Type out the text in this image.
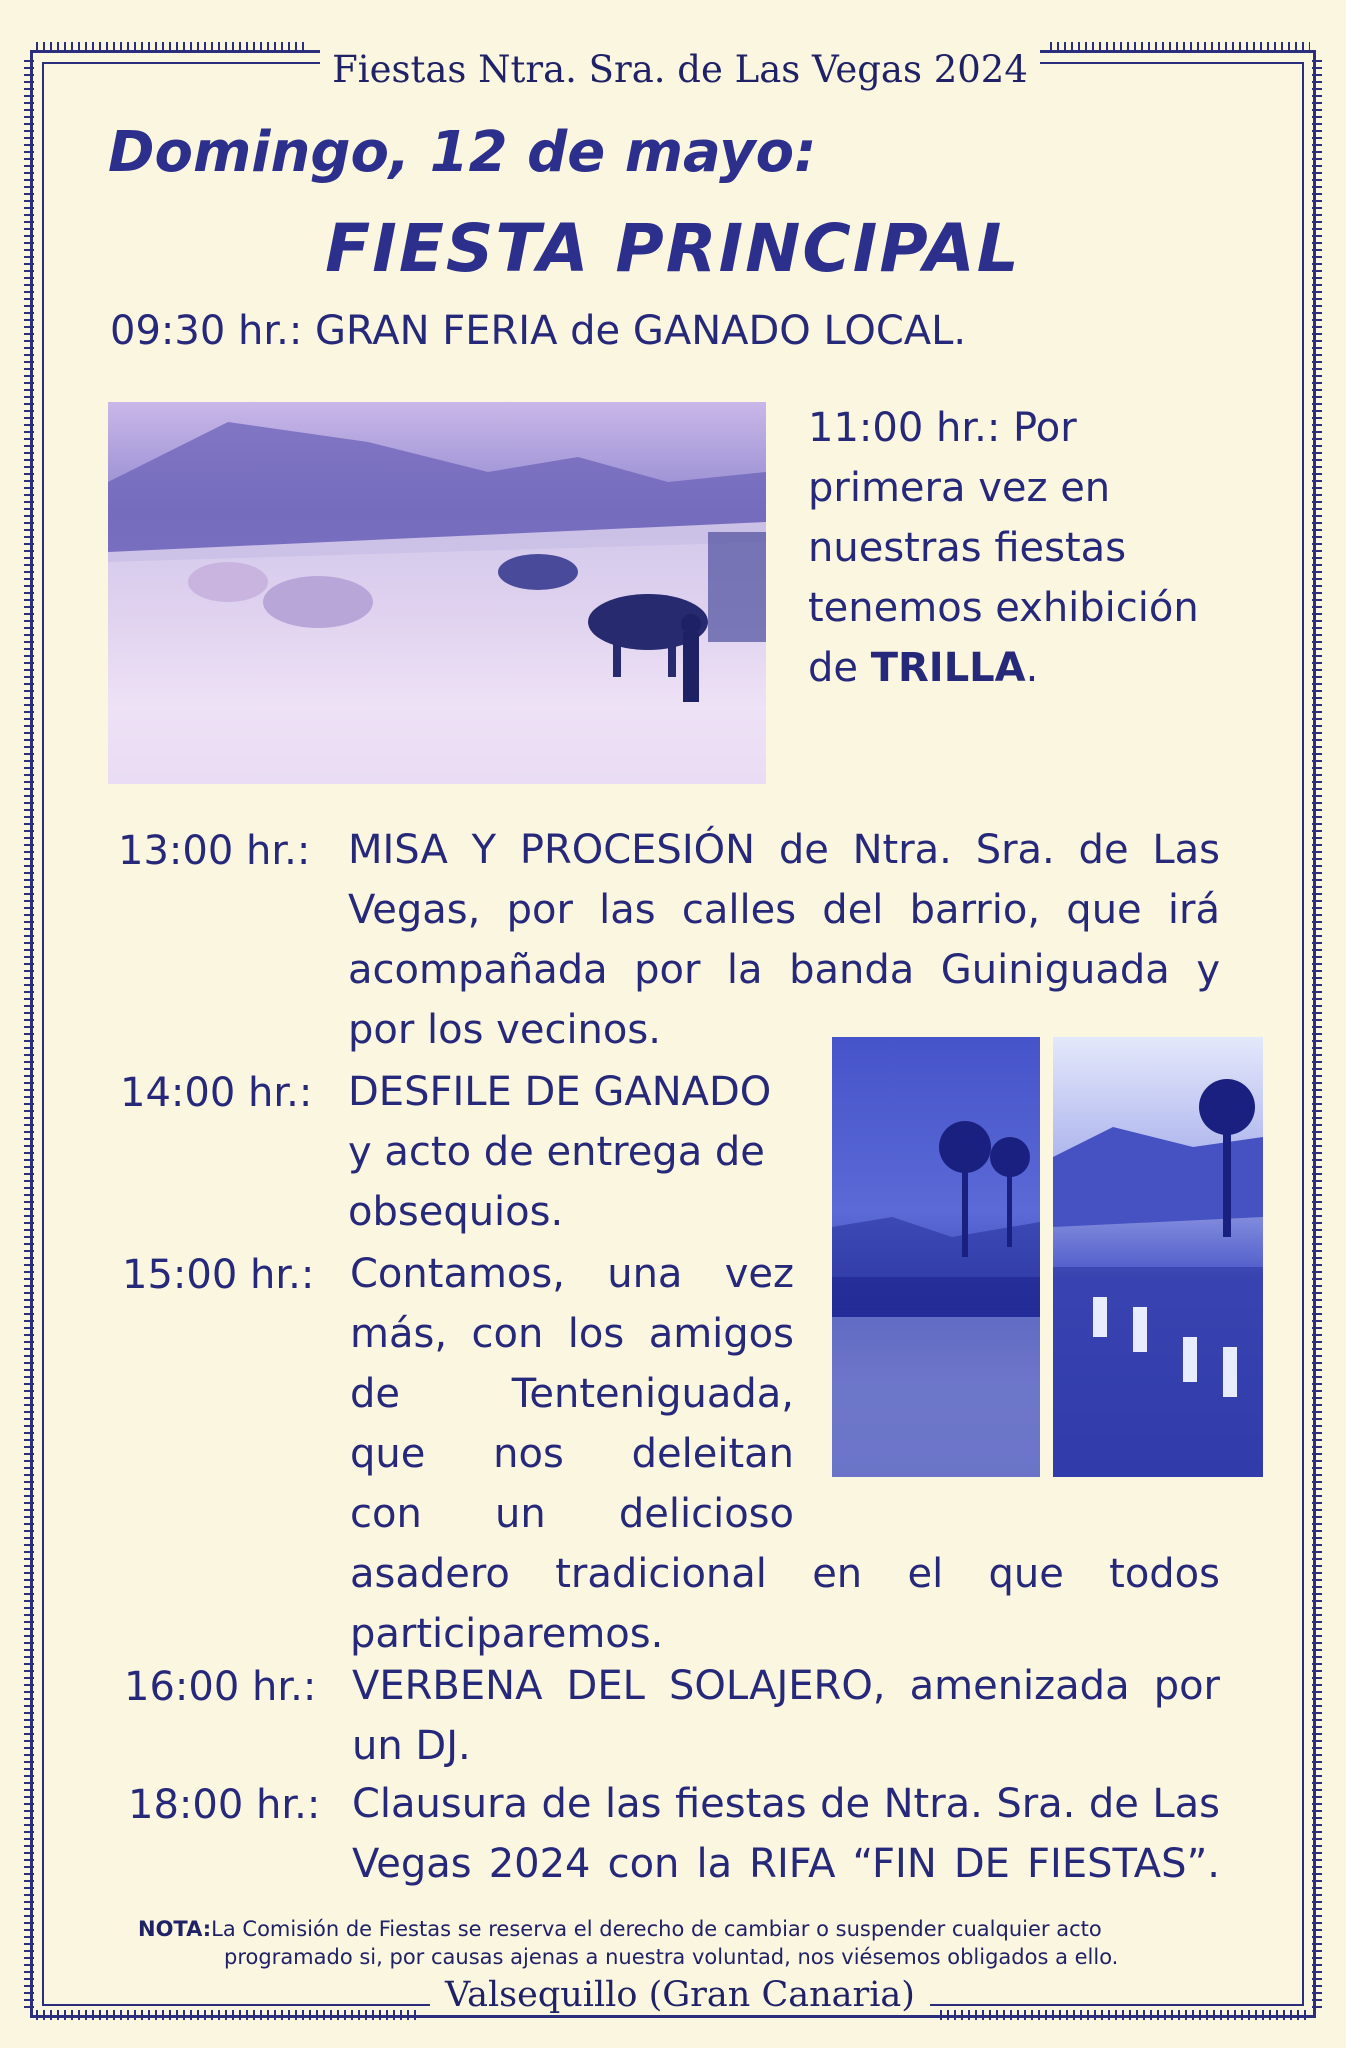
Fiestas Ntra. Sra. de Las Vegas 2024
Domingo, 12 de mayo:
FIESTA PRINCIPAL
09:30 hr.: GRAN FERIA de GANADO LOCAL.
11:00 hr.: Por
primera vez en
nuestras fiestas
tenemos exhibición
de TRILLA.
13:00 hr.: MISA Y PROCESIÓN de Ntra. Sra. de Las
Vegas, por las calles del barrio, que irá
acompañada por la banda Guiniguada y
por los vecinos.
14:00 hr.: DESFILE DE GANADO
y acto de entrega de
obsequios.
15:00 hr.: Contamos, una vez
más, con los amigos
de Tenteniguada,
que nos deleitan
con un delicioso
asadero tradicional en el que todos
participaremos.
16:00 hr.: VERBENA DEL SOLAJERO, amenizada por
un DJ.
18:00 hr.: Clausura de las fiestas de Ntra. Sra. de Las
Vegas 2024 con la RIFA “FIN DE FIESTAS”.
NOTA:La Comisión de Fiestas se reserva el derecho de cambiar o suspender cualquier acto
programado si, por causas ajenas a nuestra voluntad, nos viésemos obligados a ello.
Valsequillo (Gran Canaria)
